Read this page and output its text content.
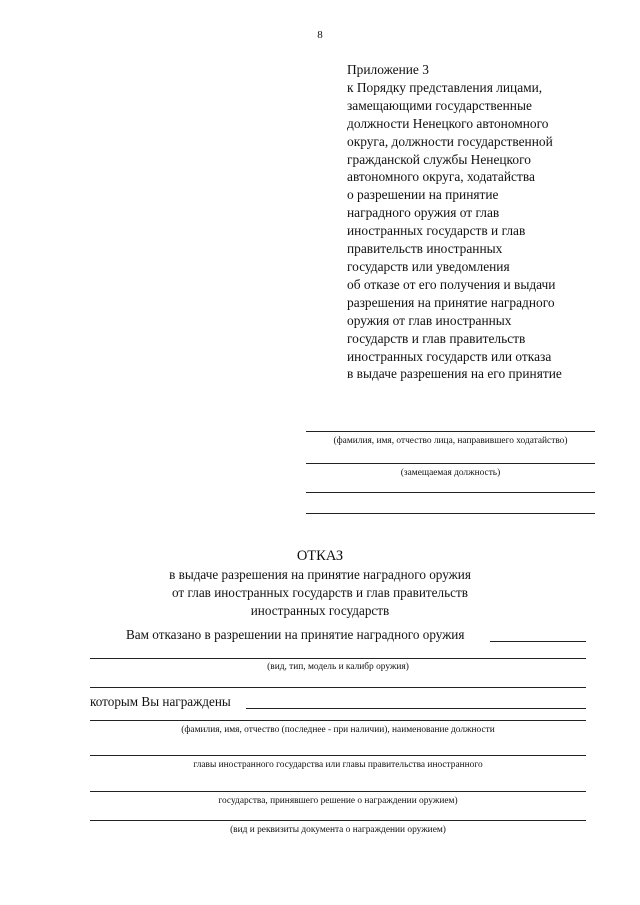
8
Приложение 3
к Порядку представления лицами,
замещающими государственные
должности Ненецкого автономного
округа, должности государственной
гражданской службы Ненецкого
автономного округа, ходатайства
о разрешении на принятие
наградного оружия от глав
иностранных государств и глав
правительств иностранных
государств или уведомления
об отказе от его получения и выдачи
разрешения на принятие наградного
оружия от глав иностранных
государств и глав правительств
иностранных государств или отказа
в выдаче разрешения на его принятие
(фамилия, имя, отчество лица, направившего ходатайство)
(замещаемая должность)
ОТКАЗ
в выдаче разрешения на принятие наградного оружия
от глав иностранных государств и глав правительств
иностранных государств
Вам отказано в разрешении на принятие наградного оружия
(вид, тип, модель и калибр оружия)
которым Вы награждены
(фамилия, имя, отчество (последнее - при наличии), наименование должности
главы иностранного государства или главы правительства иностранного
государства, принявшего решение о награждении оружием)
(вид и реквизиты документа о награждении оружием)
